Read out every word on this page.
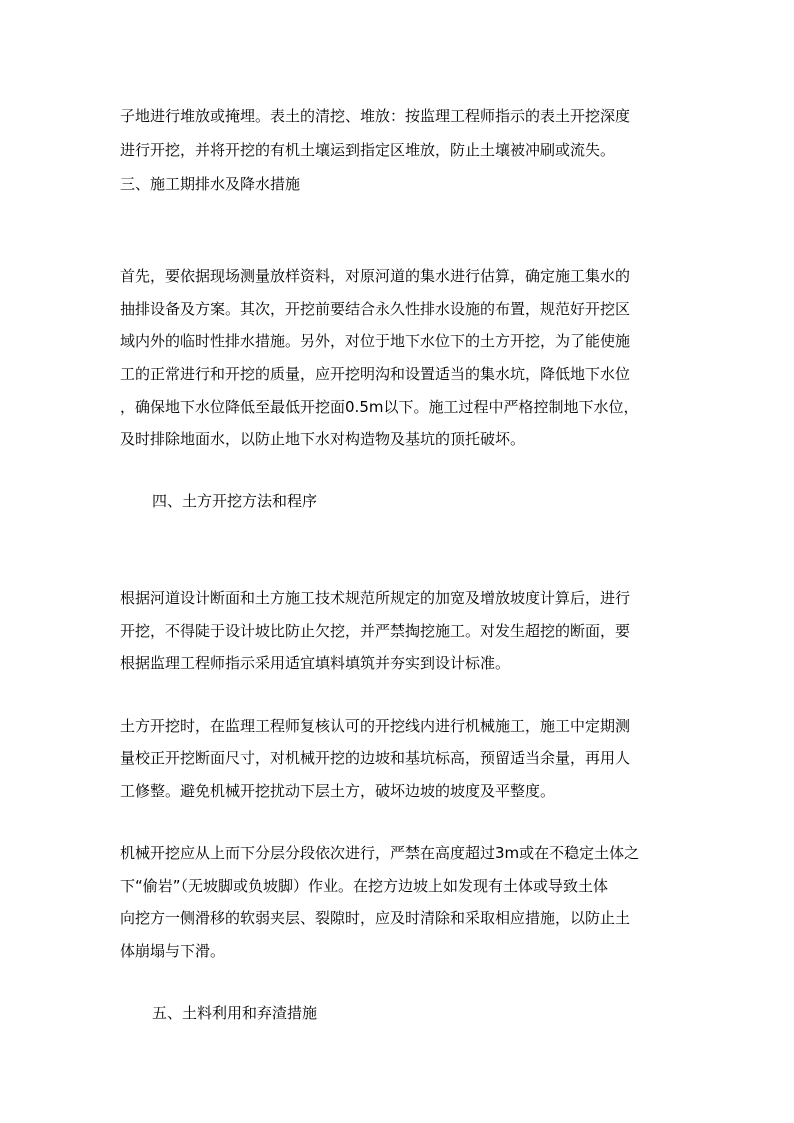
子地进行堆放或掩埋。表土的清挖、堆放：按监理工程师指示的表土开挖深度
进行开挖，并将开挖的有机土壤运到指定区堆放，防止土壤被冲刷或流失。
三、施工期排水及降水措施
首先，要依据现场测量放样资料，对原河道的集水进行估算，确定施工集水的
抽排设备及方案。其次，开挖前要结合永久性排水设施的布置，规范好开挖区
域内外的临时性排水措施。另外，对位于地下水位下的土方开挖，为了能使施
工的正常进行和开挖的质量，应开挖明沟和设置适当的集水坑，降低地下水位
，确保地下水位降低至最低开挖面0.5m以下。施工过程中严格控制地下水位，
及时排除地面水，以防止地下水对构造物及基坑的顶托破坏。
四、土方开挖方法和程序
根据河道设计断面和土方施工技术规范所规定的加宽及增放坡度计算后，进行
开挖，不得陡于设计坡比防止欠挖，并严禁掏挖施工。对发生超挖的断面，要
根据监理工程师指示采用适宜填料填筑并夯实到设计标准。
土方开挖时，在监理工程师复核认可的开挖线内进行机械施工，施工中定期测
量校正开挖断面尺寸，对机械开挖的边坡和基坑标高，预留适当余量，再用人
工修整。避免机械开挖扰动下层土方，破坏边坡的坡度及平整度。
机械开挖应从上而下分层分段依次进行，严禁在高度超过3m或在不稳定土体之
下“偷岩”（无坡脚或负坡脚）作业。在挖方边坡上如发现有土体或导致土体
向挖方一侧滑移的软弱夹层、裂隙时，应及时清除和采取相应措施，以防止土
体崩塌与下滑。
五、土料利用和弃渣措施
